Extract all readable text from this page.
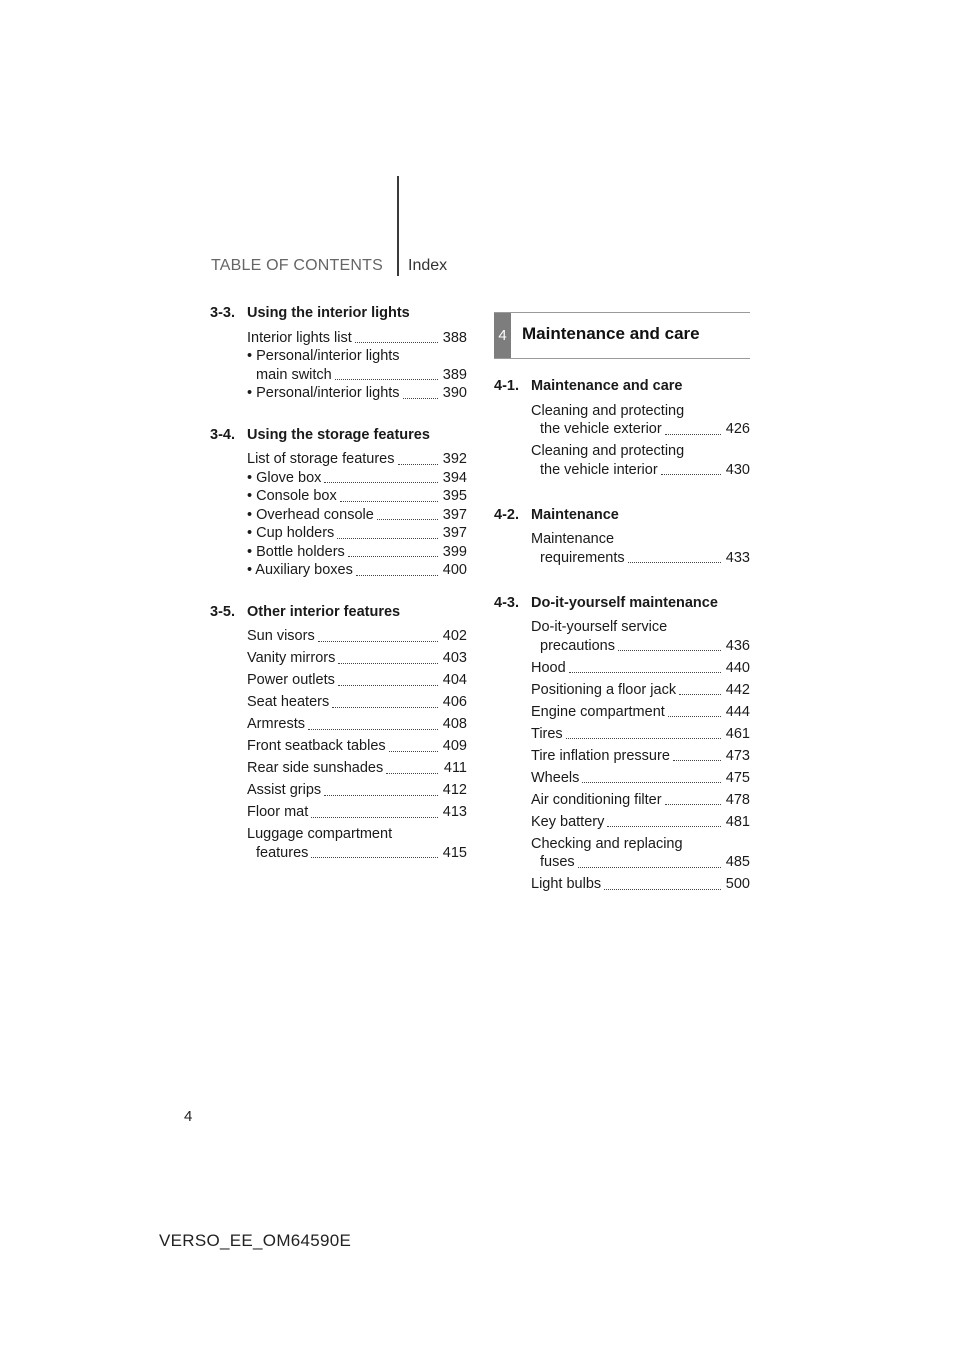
TABLE OF CONTENTS Index
3-3. Using the interior lights
Interior lights list	388
• Personal/interior lights
main switch	389
• Personal/interior lights	390
3-4. Using the storage features
List of storage features	392
• Glove box	394
• Console box	395
• Overhead console	397
• Cup holders	397
• Bottle holders	399
• Auxiliary boxes	400
3-5. Other interior features
Sun visors	402
Vanity mirrors	403
Power outlets	404
Seat heaters	406
Armrests	408
Front seatback tables	409
Rear side sunshades	411
Assist grips	412
Floor mat	413
Luggage compartment
features	415
4 Maintenance and care
4-1. Maintenance and care
Cleaning and protecting
the vehicle exterior	426
Cleaning and protecting
the vehicle interior	430
4-2. Maintenance
Maintenance
requirements	433
4-3. Do-it-yourself maintenance
Do-it-yourself service
precautions	436
Hood	440
Positioning a floor jack	442
Engine compartment	444
Tires	461
Tire inflation pressure	473
Wheels	475
Air conditioning filter	478
Key battery	481
Checking and replacing
fuses	485
Light bulbs	500
4
VERSO_EE_OM64590E
